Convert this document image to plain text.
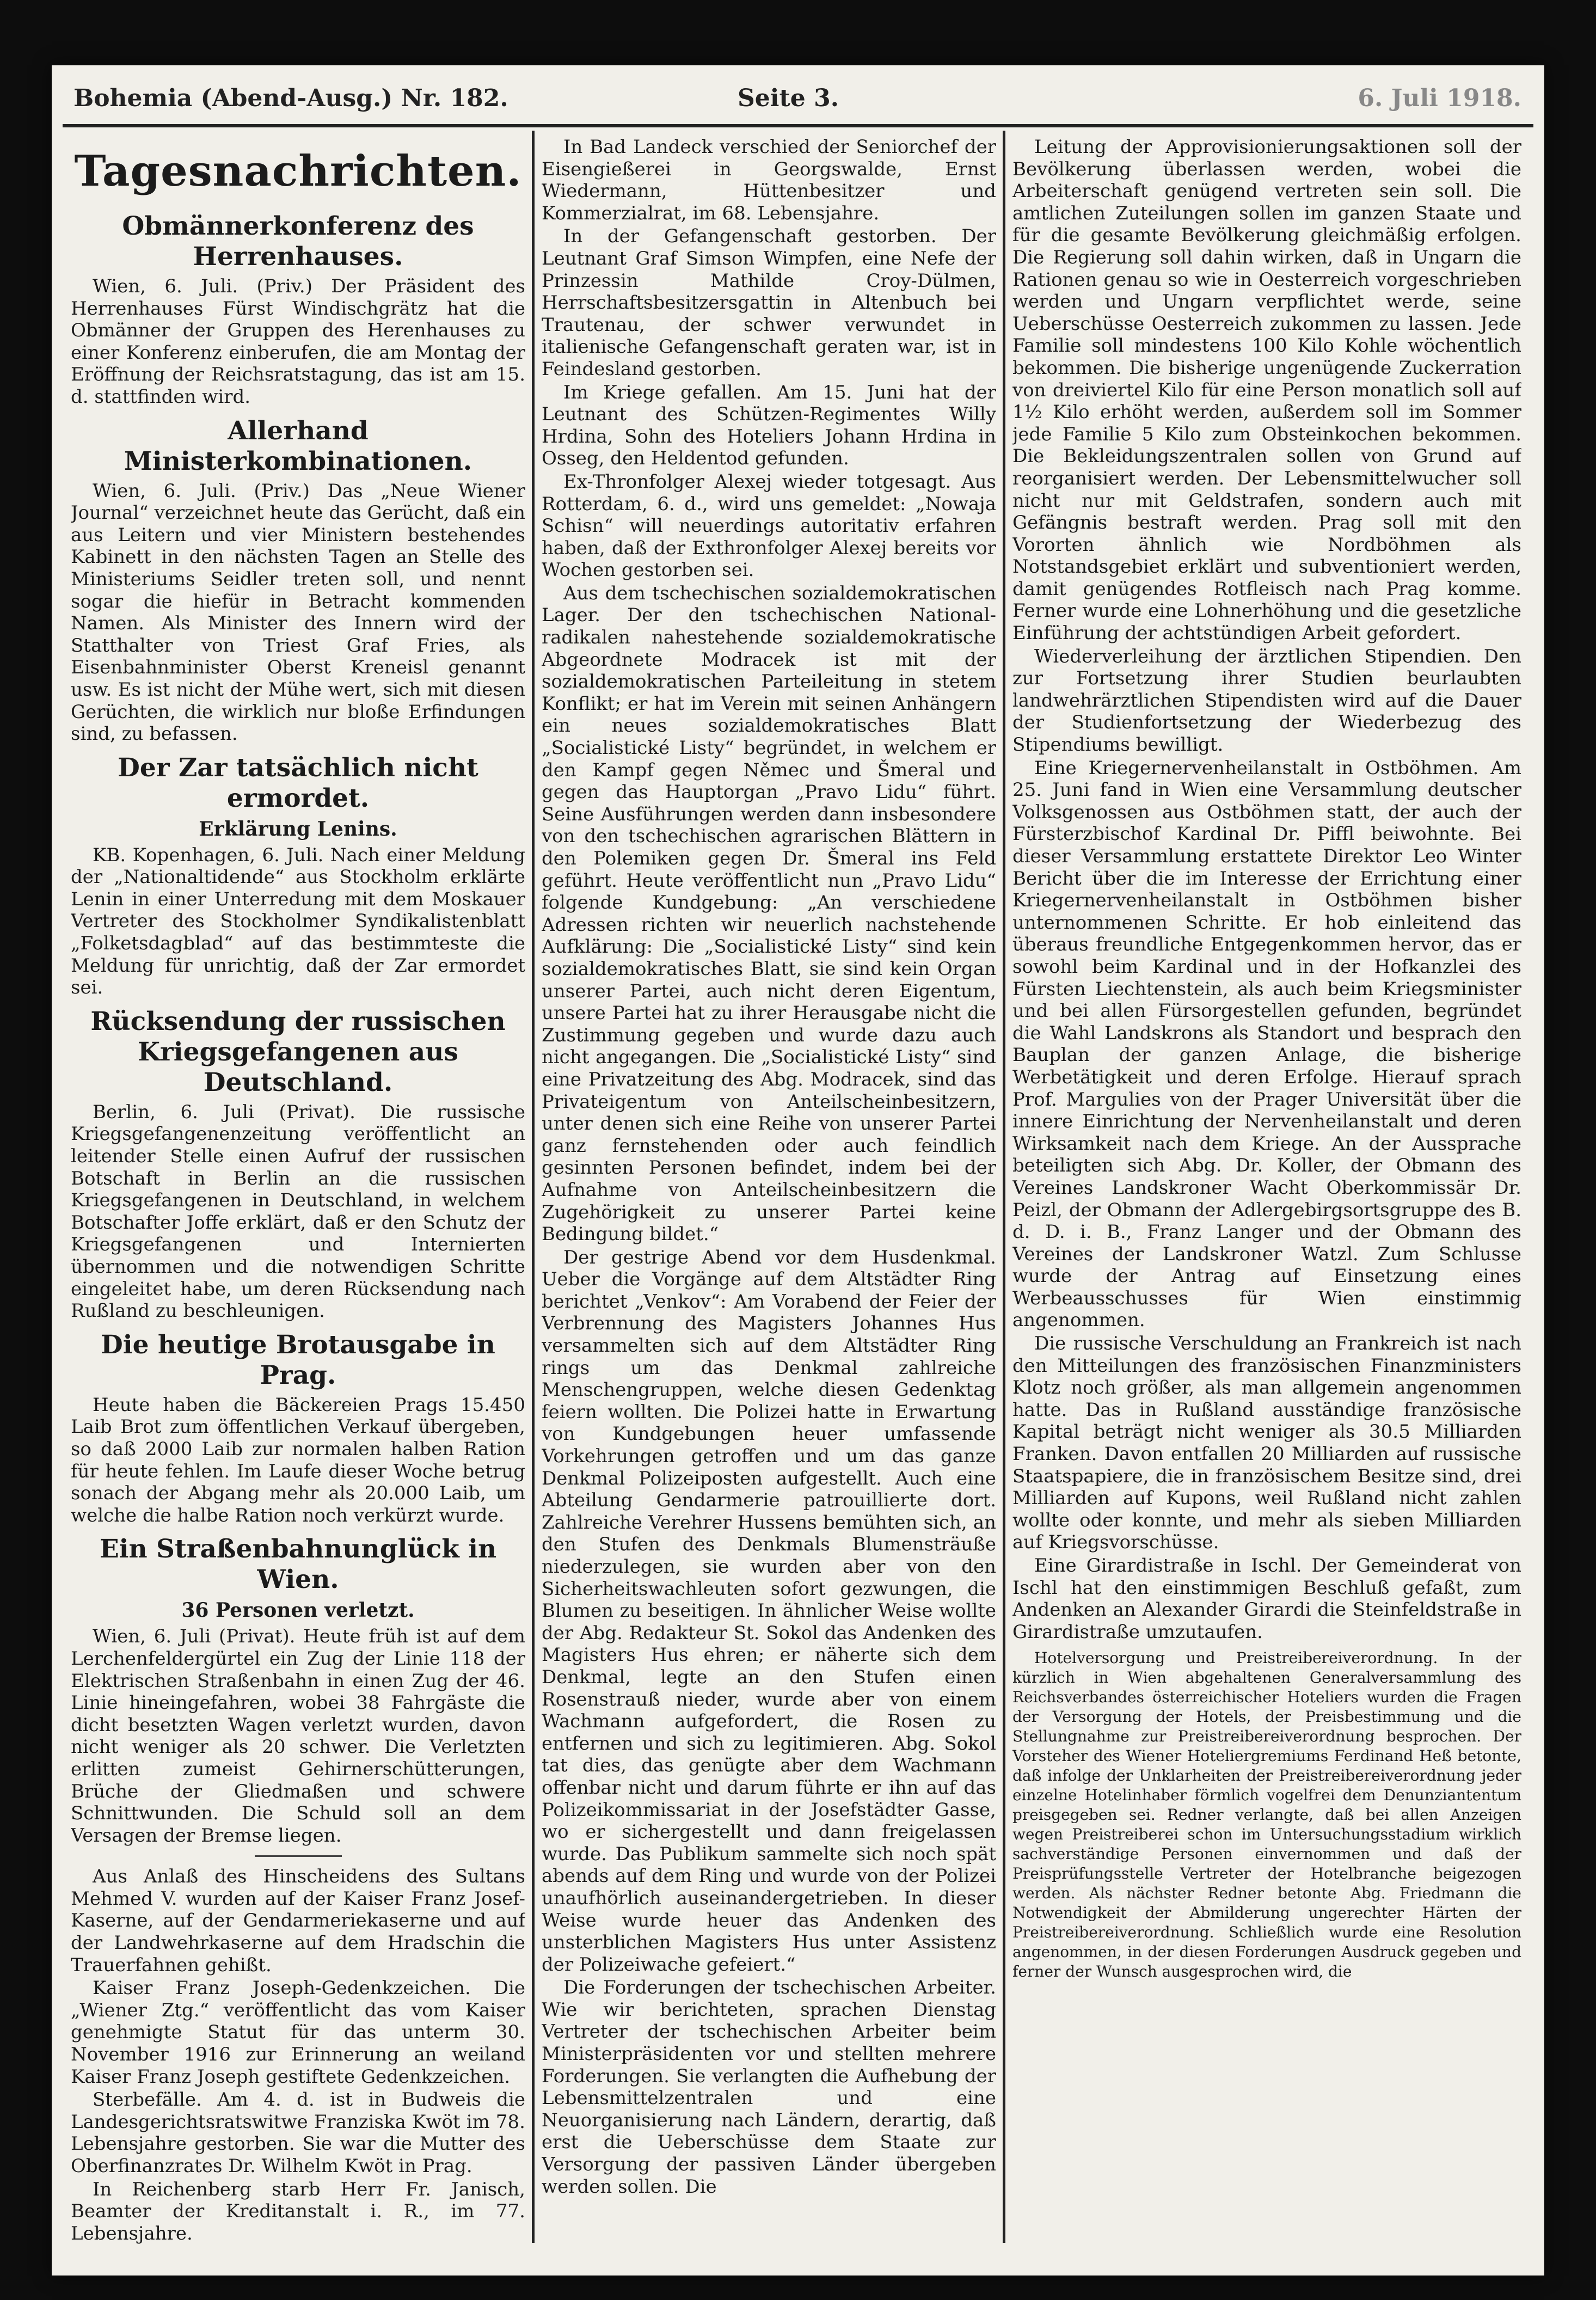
Bohemia (Abend-Ausg.) Nr. 182.	Seite 3.	6. Juli 1918.
Tagesnachrichten.
Obmännerkonferenz des Herrenhauses.

Wien, 6. Juli. (Priv.) Der Präsident des Herrenhauses Fürst Windischgrätz hat die Obmänner der Gruppen des Herenhauses zu einer Konferenz einberufen, die am Montag der Eröffnung der Reichsratstagung, das ist am 15. d. stattfinden wird.

Allerhand Ministerkombinationen.

Wien, 6. Juli. (Priv.) Das „Neue Wiener Journal“ verzeichnet heute das Gerücht, daß ein aus Leitern und vier Ministern bestehendes Kabinett in den nächsten Tagen an Stelle des Ministeriums Seidler treten soll, und nennt sogar die hiefür in Betracht kommenden Namen. Als Minister des Innern wird der Statthalter von Triest Graf Fries, als Eisenbahnminister Oberst Kreneisl genannt usw. Es ist nicht der Mühe wert, sich mit diesen Gerüchten, die wirklich nur bloße Erfindungen sind, zu befassen.

Der Zar tatsächlich nicht ermordet.
Erklärung Lenins.

KB. Kopenhagen, 6. Juli. Nach einer Meldung der „Nationaltidende“ aus Stockholm erklärte Lenin in einer Unterredung mit dem Moskauer Vertreter des Stockholmer Syndikalistenblatt „Folketsdagblad“ auf das bestimmteste die Meldung für unrichtig, daß der Zar ermordet sei.

Rücksendung der russischen Kriegsgefangenen aus Deutschland.

Berlin, 6. Juli (Privat). Die russische Kriegsgefangenenzeitung veröffentlicht an leitender Stelle einen Aufruf der russischen Botschaft in Berlin an die russischen Kriegsgefangenen in Deutschland, in welchem Botschafter Joffe erklärt, daß er den Schutz der Kriegsgefangenen und Internierten übernommen und die notwendigen Schritte eingeleitet habe, um deren Rücksendung nach Rußland zu beschleunigen.

Die heutige Brotausgabe in Prag.

Heute haben die Bäckereien Prags 15.450 Laib Brot zum öffentlichen Verkauf übergeben, so daß 2000 Laib zur normalen halben Ration für heute fehlen. Im Laufe dieser Woche betrug sonach der Abgang mehr als 20.000 Laib, um welche die halbe Ration noch verkürzt wurde.

Ein Straßenbahnunglück in Wien.
36 Personen verletzt.

Wien, 6. Juli (Privat). Heute früh ist auf dem Lerchenfeldergürtel ein Zug der Linie 118 der Elektrischen Straßenbahn in einen Zug der 46. Linie hineingefahren, wobei 38 Fahrgäste die dicht besetzten Wagen verletzt wurden, davon nicht weniger als 20 schwer. Die Verletzten erlitten zumeist Gehirnerschütterungen, Brüche der Gliedmaßen und schwere Schnittwunden. Die Schuld soll an dem Versagen der Bremse liegen.

Aus Anlaß des Hinscheidens des Sultans Mehmed V. wurden auf der Kaiser Franz Josef-Kaserne, auf der Gendarmeriekaserne und auf der Landwehrkaserne auf dem Hradschin die Trauerfahnen gehißt.

Kaiser Franz Joseph-Gedenkzeichen. Die „Wiener Ztg.“ veröffentlicht das vom Kaiser genehmigte Statut für das unterm 30. November 1916 zur Erinnerung an weiland Kaiser Franz Joseph gestiftete Gedenkzeichen.

Sterbefälle. Am 4. d. ist in Budweis die Landesgerichtsratswitwe Franziska Kwöt im 78. Lebensjahre gestorben. Sie war die Mutter des Oberfinanzrates Dr. Wilhelm Kwöt in Prag.

In Reichenberg starb Herr Fr. Janisch, Beamter der Kreditanstalt i. R., im 77. Lebensjahre.

In Bad Landeck verschied der Seniorchef der Eisengießerei in Georgswalde, Ernst Wiedermann, Hüttenbesitzer und Kommerzialrat, im 68. Lebensjahre.

In der Gefangenschaft gestorben. Der Leutnant Graf Simson Wimpfen, eine Nefe der Prinzessin Mathilde Croy-Dülmen, Herrschaftsbesitzersgattin in Altenbuch bei Trautenau, der schwer verwundet in italienische Gefangenschaft geraten war, ist in Feindesland gestorben.

Im Kriege gefallen. Am 15. Juni hat der Leutnant des Schützen-Regimentes Willy Hrdina, Sohn des Hoteliers Johann Hrdina in Osseg, den Heldentod gefunden.

Ex-Thronfolger Alexej wieder totgesagt. Aus Rotterdam, 6. d., wird uns gemeldet: „Nowaja Schisn“ will neuerdings autoritativ erfahren haben, daß der Exthronfolger Alexej bereits vor Wochen gestorben sei.

Aus dem tschechischen sozialdemokratischen Lager. Der den tschechischen National-radikalen nahestehende sozialdemokratische Abgeordnete Modracek ist mit der sozialdemokratischen Parteileitung in stetem Konflikt; er hat im Verein mit seinen Anhängern ein neues sozialdemokratisches Blatt „Socialistické Listy“ begründet, in welchem er den Kampf gegen Němec und Šmeral und gegen das Hauptorgan „Pravo Lidu“ führt. Seine Ausführungen werden dann insbesondere von den tschechischen agrarischen Blättern in den Polemiken gegen Dr. Šmeral ins Feld geführt. Heute veröffentlicht nun „Pravo Lidu“ folgende Kundgebung: „An verschiedene Adressen richten wir neuerlich nachstehende Aufklärung: Die „Socialistické Listy“ sind kein sozialdemokratisches Blatt, sie sind kein Organ unserer Partei, auch nicht deren Eigentum, unsere Partei hat zu ihrer Herausgabe nicht die Zustimmung gegeben und wurde dazu auch nicht angegangen. Die „Socialistické Listy“ sind eine Privatzeitung des Abg. Modracek, sind das Privateigentum von Anteilscheinbesitzern, unter denen sich eine Reihe von unserer Partei ganz fernstehenden oder auch feindlich gesinnten Personen befindet, indem bei der Aufnahme von Anteilscheinbesitzern die Zugehörigkeit zu unserer Partei keine Bedingung bildet.“

Der gestrige Abend vor dem Husdenkmal. Ueber die Vorgänge auf dem Altstädter Ring berichtet „Venkov“: Am Vorabend der Feier der Verbrennung des Magisters Johannes Hus versammelten sich auf dem Altstädter Ring rings um das Denkmal zahlreiche Menschengruppen, welche diesen Gedenktag feiern wollten. Die Polizei hatte in Erwartung von Kundgebungen heuer umfassende Vorkehrungen getroffen und um das ganze Denkmal Polizeiposten aufgestellt. Auch eine Abteilung Gendarmerie patrouillierte dort. Zahlreiche Verehrer Hussens bemühten sich, an den Stufen des Denkmals Blumensträuße niederzulegen, sie wurden aber von den Sicherheitswachleuten sofort gezwungen, die Blumen zu beseitigen. In ähnlicher Weise wollte der Abg. Redakteur St. Sokol das Andenken des Magisters Hus ehren; er näherte sich dem Denkmal, legte an den Stufen einen Rosenstrauß nieder, wurde aber von einem Wachmann aufgefordert, die Rosen zu entfernen und sich zu legitimieren. Abg. Sokol tat dies, das genügte aber dem Wachmann offenbar nicht und darum führte er ihn auf das Polizeikommissariat in der Josefstädter Gasse, wo er sichergestellt und dann freigelassen wurde. Das Publikum sammelte sich noch spät abends auf dem Ring und wurde von der Polizei unaufhörlich auseinandergetrieben. In dieser Weise wurde heuer das Andenken des unsterblichen Magisters Hus unter Assistenz der Polizeiwache gefeiert.“

Die Forderungen der tschechischen Arbeiter. Wie wir berichteten, sprachen Dienstag Vertreter der tschechischen Arbeiter beim Ministerpräsidenten vor und stellten mehrere Forderungen. Sie verlangten die Aufhebung der Lebensmittelzentralen und eine Neuorganisierung nach Ländern, derartig, daß erst die Ueberschüsse dem Staate zur Versorgung der passiven Länder übergeben werden sollen. Die

Leitung der Approvisionierungsaktionen soll der Bevölkerung überlassen werden, wobei die Arbeiterschaft genügend vertreten sein soll. Die amtlichen Zuteilungen sollen im ganzen Staate und für die gesamte Bevölkerung gleichmäßig erfolgen. Die Regierung soll dahin wirken, daß in Ungarn die Rationen genau so wie in Oesterreich vorgeschrieben werden und Ungarn verpflichtet werde, seine Ueberschüsse Oesterreich zukommen zu lassen. Jede Familie soll mindestens 100 Kilo Kohle wöchentlich bekommen. Die bisherige ungenügende Zuckerration von dreiviertel Kilo für eine Person monatlich soll auf 1½ Kilo erhöht werden, außerdem soll im Sommer jede Familie 5 Kilo zum Obsteinkochen bekommen. Die Bekleidungszentralen sollen von Grund auf reorganisiert werden. Der Lebensmittelwucher soll nicht nur mit Geldstrafen, sondern auch mit Gefängnis bestraft werden. Prag soll mit den Vororten ähnlich wie Nordböhmen als Notstandsgebiet erklärt und subventioniert werden, damit genügendes Rotfleisch nach Prag komme. Ferner wurde eine Lohnerhöhung und die gesetzliche Einführung der achtstündigen Arbeit gefordert.

Wiederverleihung der ärztlichen Stipendien. Den zur Fortsetzung ihrer Studien beurlaubten landwehrärztlichen Stipendisten wird auf die Dauer der Studienfortsetzung der Wiederbezug des Stipendiums bewilligt.

Eine Kriegernervenheilanstalt in Ostböhmen. Am 25. Juni fand in Wien eine Versammlung deutscher Volksgenossen aus Ostböhmen statt, der auch der Fürsterzbischof Kardinal Dr. Piffl beiwohnte. Bei dieser Versammlung erstattete Direktor Leo Winter Bericht über die im Interesse der Errichtung einer Kriegernervenheilanstalt in Ostböhmen bisher unternommenen Schritte. Er hob einleitend das überaus freundliche Entgegenkommen hervor, das er sowohl beim Kardinal und in der Hofkanzlei des Fürsten Liechtenstein, als auch beim Kriegsminister und bei allen Fürsorgestellen gefunden, begründet die Wahl Landskrons als Standort und besprach den Bauplan der ganzen Anlage, die bisherige Werbetätigkeit und deren Erfolge. Hierauf sprach Prof. Margulies von der Prager Universität über die innere Einrichtung der Nervenheilanstalt und deren Wirksamkeit nach dem Kriege. An der Aussprache beteiligten sich Abg. Dr. Koller, der Obmann des Vereines Landskroner Wacht Oberkommissär Dr. Peizl, der Obmann der Adlergebirgsortsgruppe des B. d. D. i. B., Franz Langer und der Obmann des Vereines der Landskroner Watzl. Zum Schlusse wurde der Antrag auf Einsetzung eines Werbeausschusses für Wien einstimmig angenommen.

Die russische Verschuldung an Frankreich ist nach den Mitteilungen des französischen Finanzministers Klotz noch größer, als man allgemein angenommen hatte. Das in Rußland ausständige französische Kapital beträgt nicht weniger als 30.5 Milliarden Franken. Davon entfallen 20 Milliarden auf russische Staatspapiere, die in französischem Besitze sind, drei Milliarden auf Kupons, weil Rußland nicht zahlen wollte oder konnte, und mehr als sieben Milliarden auf Kriegsvorschüsse.

Eine Girardistraße in Ischl. Der Gemeinderat von Ischl hat den einstimmigen Beschluß gefaßt, zum Andenken an Alexander Girardi die Steinfeldstraße in Girardistraße umzutaufen.

Hotelversorgung und Preistreibereiverordnung. In der kürzlich in Wien abgehaltenen Generalversammlung des Reichsverbandes österreichischer Hoteliers wurden die Fragen der Versorgung der Hotels, der Preisbestimmung und die Stellungnahme zur Preistreibereiverordnung besprochen. Der Vorsteher des Wiener Hoteliergremiums Ferdinand Heß betonte, daß infolge der Unklarheiten der Preistreibereiverordnung jeder einzelne Hotelinhaber förmlich vogelfrei dem Denunziantentum preisgegeben sei. Redner verlangte, daß bei allen Anzeigen wegen Preistreiberei schon im Untersuchungsstadium wirklich sachverständige Personen einvernommen und daß der Preisprüfungsstelle Vertreter der Hotelbranche beigezogen werden. Als nächster Redner betonte Abg. Friedmann die Notwendigkeit der Abmilderung ungerechter Härten der Preistreibereiverordnung. Schließlich wurde eine Resolution angenommen, in der diesen Forderungen Ausdruck gegeben und ferner der Wunsch ausgesprochen wird, die
